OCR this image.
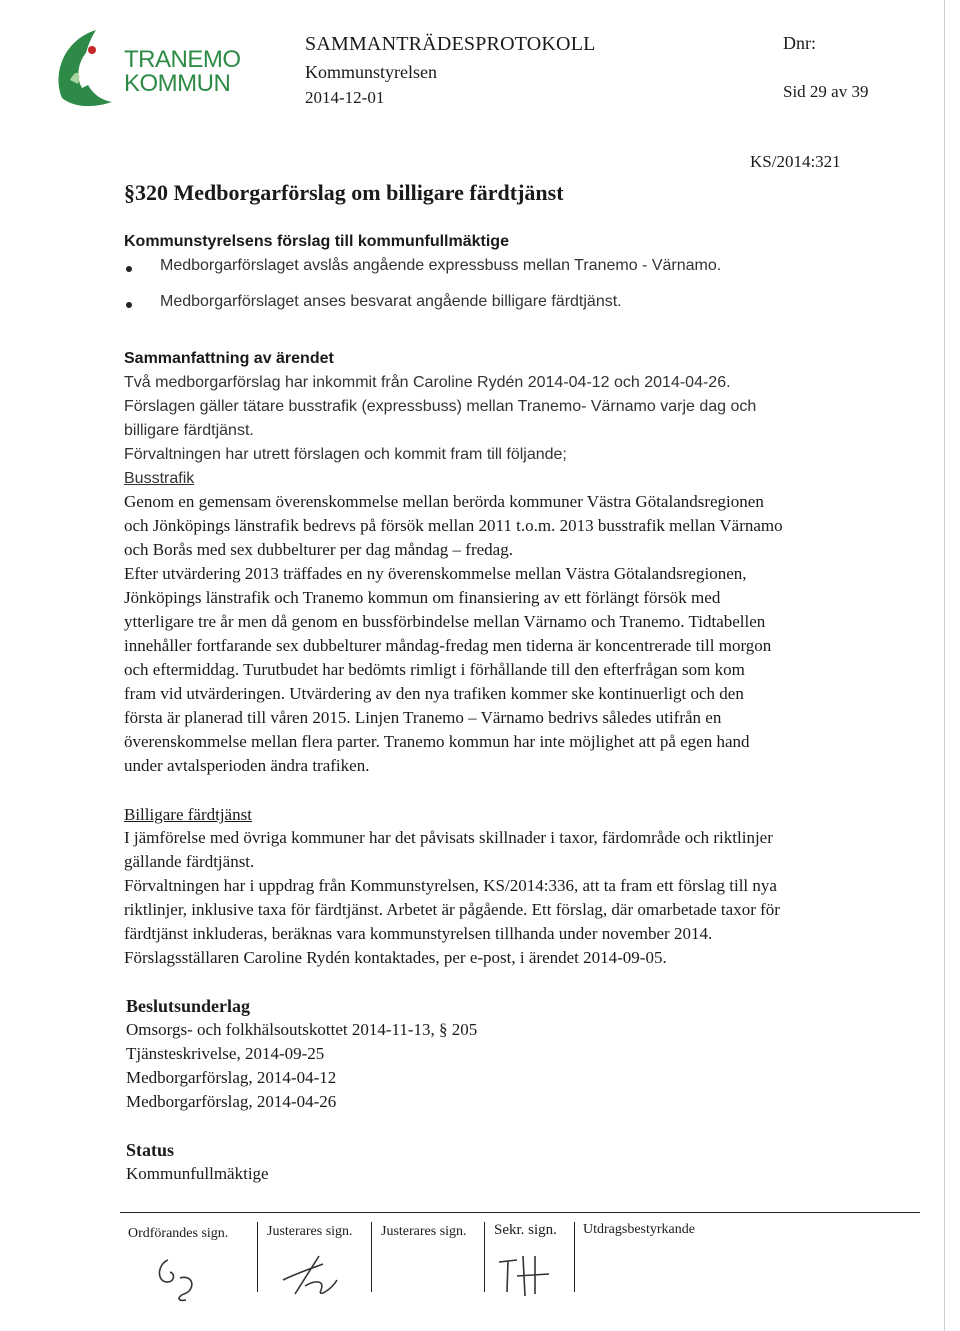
TRANEMO
KOMMUN
SAMMANTRÄDESPROTOKOLL
Kommunstyrelsen
2014-12-01
Dnr:
Sid 29 av 39
KS/2014:321
§320 Medborgarförslag om billigare färdtjänst
Kommunstyrelsens förslag till kommunfullmäktige
Medborgarförslaget avslås angående expressbuss mellan Tranemo - Värnamo.
Medborgarförslaget anses besvarat angående billigare färdtjänst.
Sammanfattning av ärendet
Två medborgarförslag har inkommit från Caroline Rydén 2014-04-12 och 2014-04-26.
Förslagen gäller tätare busstrafik (expressbuss) mellan Tranemo- Värnamo varje dag och
billigare färdtjänst.
Förvaltningen har utrett förslagen och kommit fram till följande;
Busstrafik
Genom en gemensam överenskommelse mellan berörda kommuner Västra Götalandsregionen
och Jönköpings länstrafik bedrevs på försök mellan 2011 t.o.m. 2013 busstrafik mellan Värnamo
och Borås med sex dubbelturer per dag måndag – fredag.
Efter utvärdering 2013 träffades en ny överenskommelse mellan Västra Götalandsregionen,
Jönköpings länstrafik och Tranemo kommun om finansiering av ett förlängt försök med
ytterligare tre år men då genom en bussförbindelse mellan Värnamo och Tranemo. Tidtabellen
innehåller fortfarande sex dubbelturer måndag-fredag men tiderna är koncentrerade till morgon
och eftermiddag. Turutbudet har bedömts rimligt i förhållande till den efterfrågan som kom
fram vid utvärderingen. Utvärdering av den nya trafiken kommer ske kontinuerligt och den
första är planerad till våren 2015. Linjen Tranemo – Värnamo bedrivs således utifrån en
överenskommelse mellan flera parter. Tranemo kommun har inte möjlighet att på egen hand
under avtalsperioden ändra trafiken.
Billigare färdtjänst
I jämförelse med övriga kommuner har det påvisats skillnader i taxor, färdområde och riktlinjer
gällande färdtjänst.
Förvaltningen har i uppdrag från Kommunstyrelsen, KS/2014:336, att ta fram ett förslag till nya
riktlinjer, inklusive taxa för färdtjänst. Arbetet är pågående. Ett förslag, där omarbetade taxor för
färdtjänst inkluderas, beräknas vara kommunstyrelsen tillhanda under november 2014.
Förslagsställaren Caroline Rydén kontaktades, per e-post, i ärendet 2014-09-05.
Beslutsunderlag
Omsorgs- och folkhälsoutskottet 2014-11-13, § 205
Tjänsteskrivelse, 2014-09-25
Medborgarförslag, 2014-04-12
Medborgarförslag, 2014-04-26
Status
Kommunfullmäktige
Ordförandes sign.	Justerares sign. Justerares sign. Sekr. sign. Utdragsbestyrkande
